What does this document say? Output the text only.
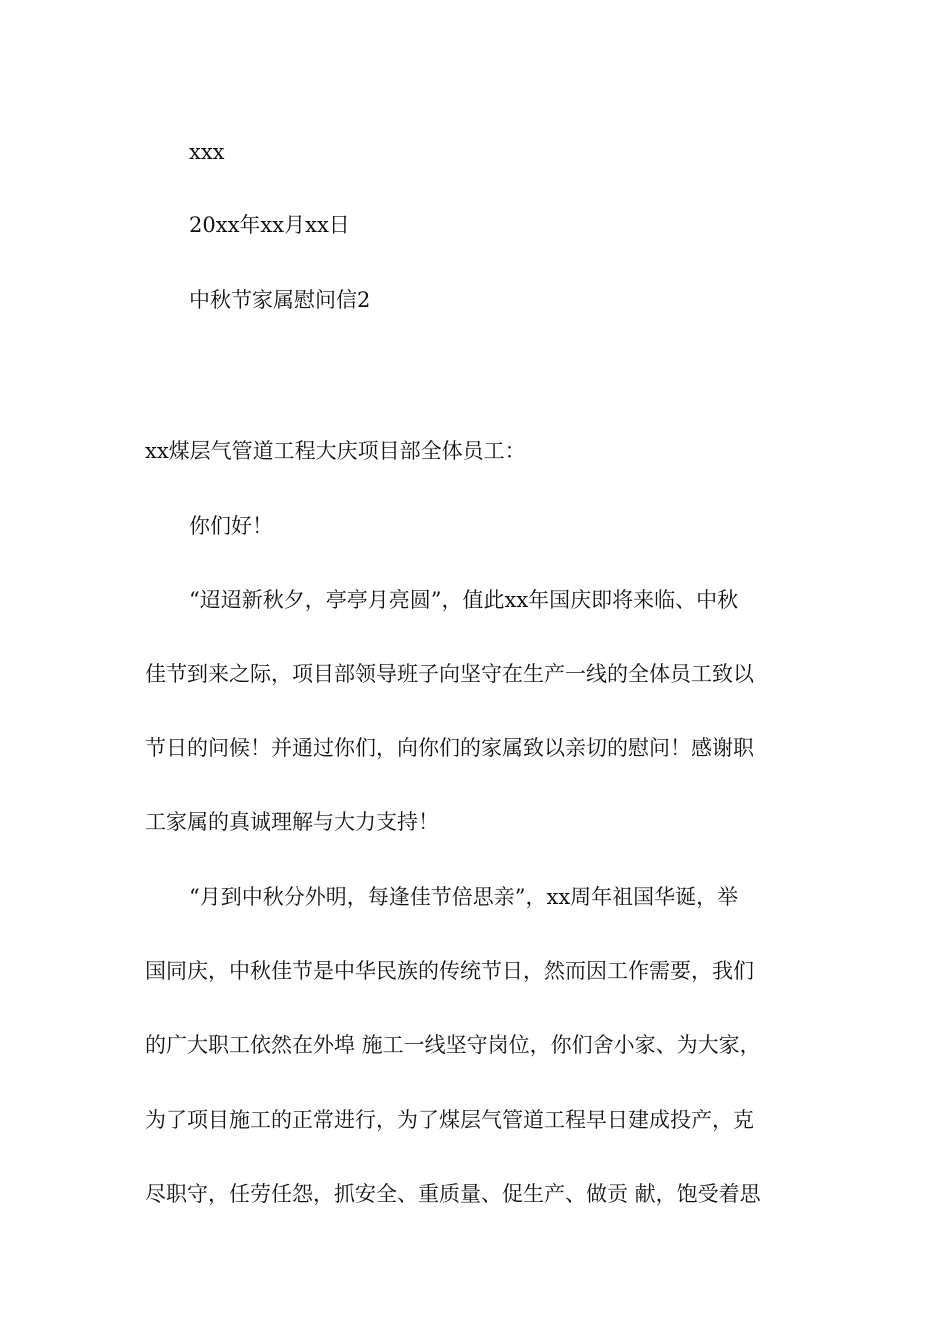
xxx
20xx年xx月xx日
中秋节家属慰问信2
xx煤层气管道工程大庆项目部全体员工：
你们好！
“迢迢新秋夕，亭亭月亮圆”，值此xx年国庆即将来临、中秋
佳节到来之际，项目部领导班子向坚守在生产一线的全体员工致以
节日的问候！并通过你们，向你们的家属致以亲切的慰问！感谢职
工家属的真诚理解与大力支持！
“月到中秋分外明，每逢佳节倍思亲”，xx周年祖国华诞，举
国同庆，中秋佳节是中华民族的传统节日，然而因工作需要，我们
的广大职工依然在外埠 施工一线坚守岗位，你们舍小家、为大家，
为了项目施工的正常进行，为了煤层气管道工程早日建成投产，克
尽职守，任劳任怨，抓安全、重质量、促生产、做贡 献，饱受着思
